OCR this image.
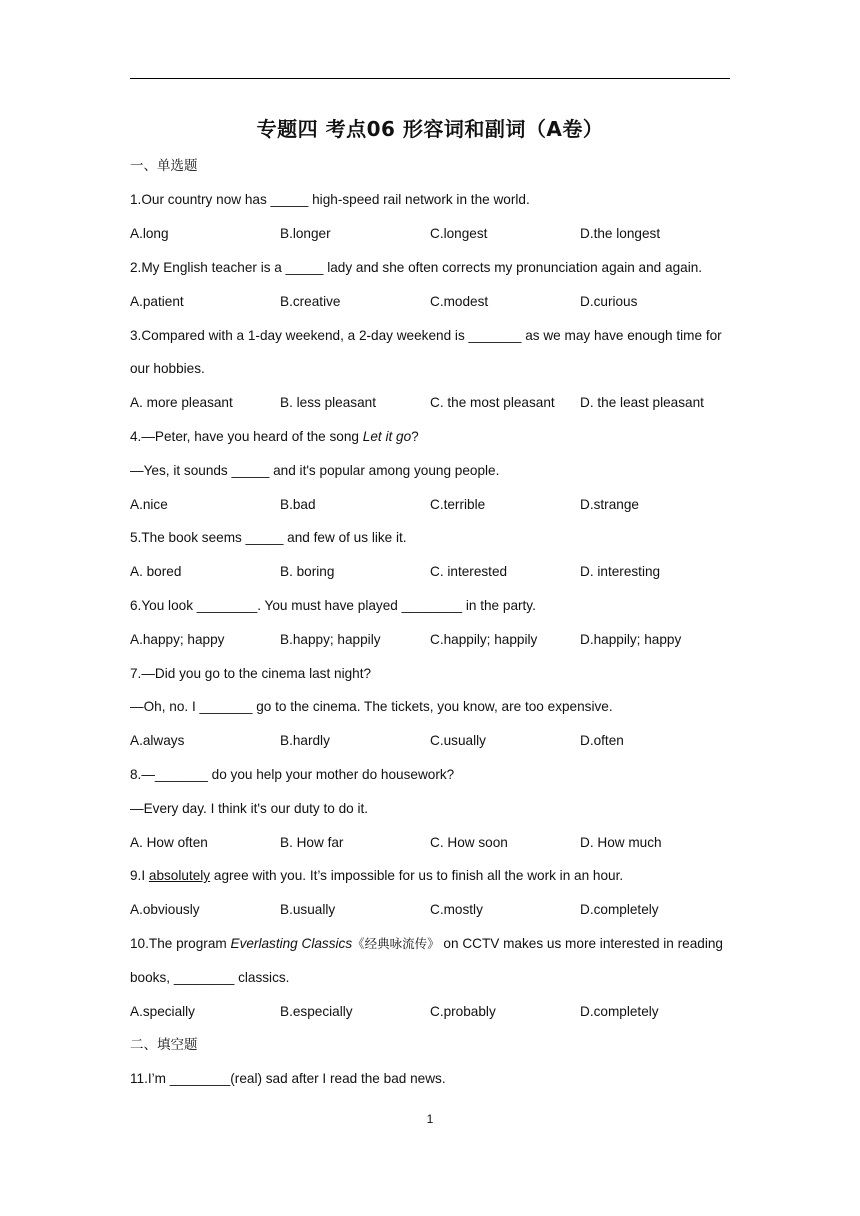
专题四 考点06 形容词和副词（A卷）
一、单选题
1.Our country now has _____ high-speed rail network in the world.
A.long	B.longer	C.longest	D.the longest
2.My English teacher is a _____ lady and she often corrects my pronunciation again and again.
A.patient	B.creative	C.modest	D.curious
3.Compared with a 1-day weekend, a 2-day weekend is _______ as we may have enough time for
our hobbies.
A. more pleasant	B. less pleasant	C. the most pleasant D. the least pleasant
4.—Peter, have you heard of the song Let it go?
—Yes, it sounds _____ and it's popular among young people.
A.nice	B.bad	C.terrible	D.strange
5.The book seems _____ and few of us like it.
A. bored	B. boring	C. interested	D. interesting
6.You look ________. You must have played ________ in the party.
A.happy; happy	B.happy; happily	C.happily; happily	D.happily; happy
7.—Did you go to the cinema last night?
—Oh, no. I _______ go to the cinema. The tickets, you know, are too expensive.
A.always	B.hardly	C.usually	D.often
8.—_______ do you help your mother do housework?
—Every day. I think it's our duty to do it.
A. How often	B. How far	C. How soon	D. How much
9.I absolutely agree with you. It’s impossible for us to finish all the work in an hour.
A.obviously	B.usually	C.mostly	D.completely
10.The program Everlasting Classics《经典咏流传》 on CCTV makes us more interested in reading
books, ________ classics.
A.specially	B.especially	C.probably	D.completely
二、填空题
11.I’m ________(real) sad after I read the bad news.
1
